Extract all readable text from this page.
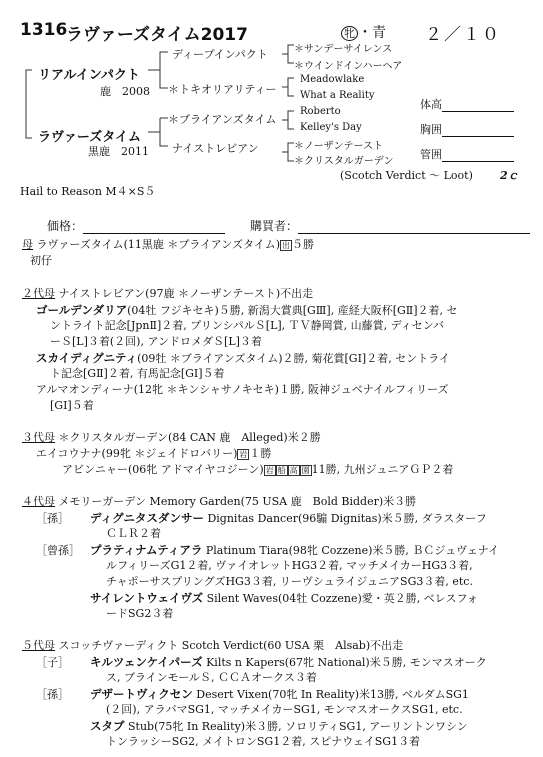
1316
ラヴァーズタイム2017	牝 ・青 ２／１０
リアルインパクト
鹿　2008
ラヴァーズタイム
黒鹿　2011
ディープインパクト
＊トキオリアリティー
＊ブライアンズタイム
ナイストレビアン
＊サンデーサイレンス
＊ウインドインハーヘア
Meadowlake
What a Reality
Roberto
Kelley's Day
＊ノーザンテースト
＊クリスタルガーデン
(Scotch Verdict ～ Loot) 2ｃ
Hail to Reason M４×S５
体高
胸囲
管囲
価格：	購買者：
母 ラヴァーズタイム(11黒鹿 ＊ブライアンズタイム) 出 ５勝
初仔
２代母 ナイストレビアン(97鹿 ＊ノーザンテースト)不出走
ゴールデンダリア(04牡 フジキセキ)５勝, 新潟大賞典[GⅢ], 産経大阪杯[GⅡ]２着, セ
ントライト記念[JpnⅡ]２着, プリンシパルＳ[L], ＴＶ静岡賞, 山藤賞, ディセンバ
ーＳ[L]３着(２回), アンドロメダＳ[L]３着
スカイディグニティ(09牡 ＊ブライアンズタイム)２勝, 菊花賞[GⅠ]２着, セントライ
ト記念[GⅡ]２着, 有馬記念[GⅠ]５着
アルマオンディーナ(12牝 ＊キンシャサノキセキ)１勝, 阪神ジュベナイルフィリーズ
[GⅠ]５着
３代母 ＊クリスタルガーデン(84 CAN 鹿　Alleged)米２勝
エイコウナナ(99牝 ＊ジェイドロバリー) 岩 １勝
アビンニャー(06牝 アドマイヤコジーン) 岩 船 高 園 11勝, 九州ジュニアＧＰ２着
４代母 メモリーガーデン Memory Garden(75 USA 鹿　Bold Bidder)米３勝
［孫］ ディグニタスダンサー Dignitas Dancer(96騸 Dignitas)米５勝, ダラスターフ
ＣＬＲ２着
［曾孫］ プラティナムティアラ Platinum Tiara(98牝 Cozzene)米５勝, ＢＣジュヴェナイ
ルフィリーズG1２着, ヴァイオレットHG3２着, マッチメイカーHG3３着,
チャポーサスプリングズHG3３着, リーヴシュライジュニアSG3３着, etc.
サイレントウェイヴズ Silent Waves(04牡 Cozzene)愛・英２勝, ベレスフォ
ードSG2３着
５代母 スコッチヴァーディクト Scotch Verdict(60 USA 栗　Alsab)不出走
［子］ キルツェンケイパーズ Kilts n Kapers(67牝 National)米５勝, モンマスオーク
ス, ブラインモールＳ, ＣＣＡオークス３着
［孫］ デザートヴィクセン Desert Vixen(70牝 In Reality)米13勝, ベルダムSG1
(２回), アラバマSG1, マッチメイカーSG1, モンマスオークスSG1, etc.
スタブ Stub(75牝 In Reality)米３勝, ソロリティSG1, アーリントンワシン
トンラッシーSG2, メイトロンSG1２着, スピナウェイSG1３着
